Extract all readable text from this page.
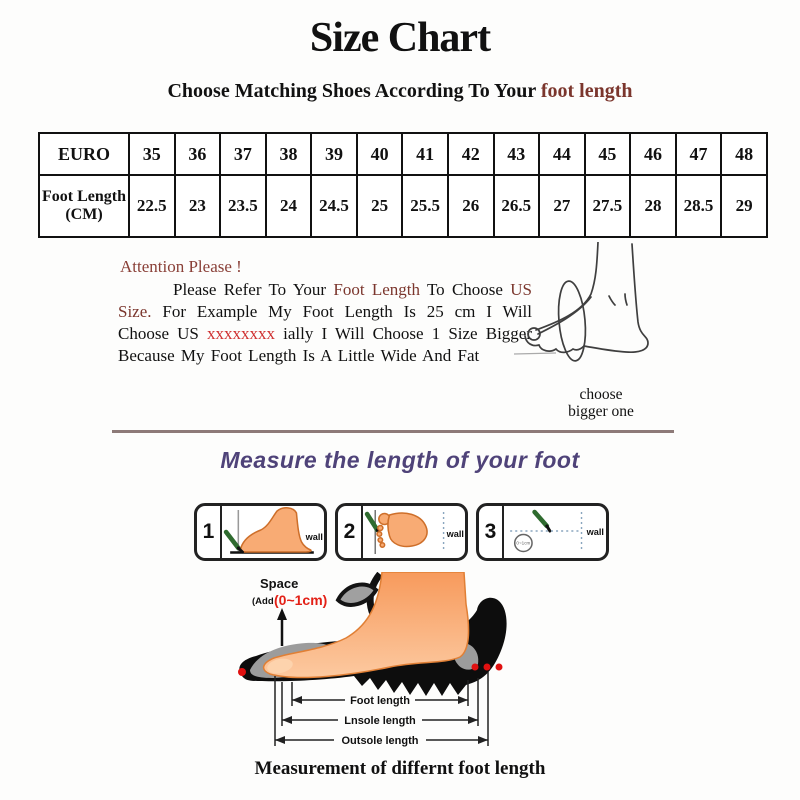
Size Chart
Choose Matching Shoes According To Your foot length
EURO	35	36	37	38	39	40	41	42	43	44	45	46	47	48
Foot Length (CM)	22.5	23	23.5	24	24.5	25	25.5	26	26.5	27	27.5	28	28.5	29
Attention Please !

Please Refer To Your Foot Length To Choose US Size. For Example My Foot Length Is 25 cm I Will Choose US xxxxxxxx ially I Will Choose 1 Size Bigger Because My Foot Length Is A Little Wide And Fat

choose
bigger one
Measure the length of your foot
1	wall 2	wall 3
0~1cm
wall
Space
(Add (0~1cm)
Foot length
Lnsole length
Outsole length
Measurement of differnt foot length
